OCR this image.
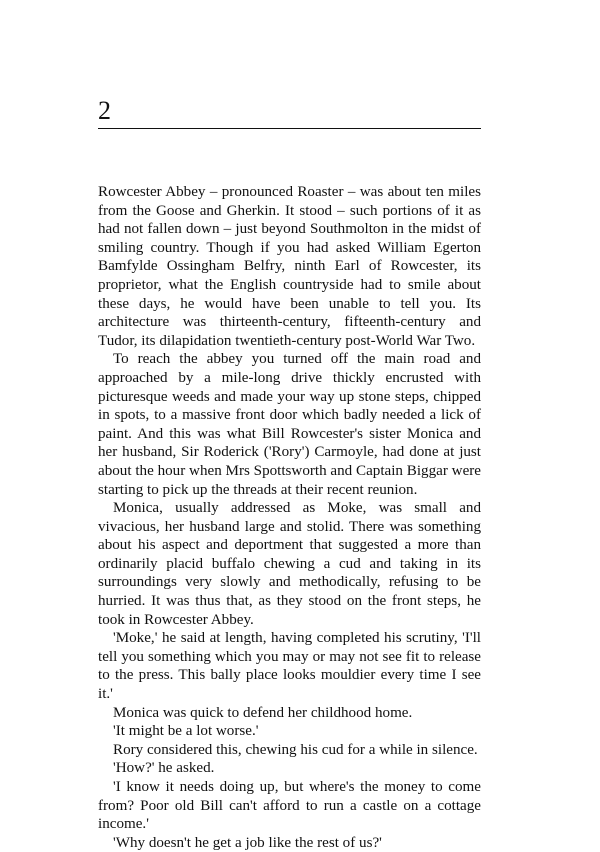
2

Rowcester Abbey – pronounced Roaster – was about ten miles from the Goose and Gherkin. It stood – such portions of it as had not fallen down – just beyond Southmolton in the midst of smiling country. Though if you had asked William Egerton Bamfylde Ossingham Belfry, ninth Earl of Rowcester, its proprietor, what the English countryside had to smile about these days, he would have been unable to tell you. Its architecture was thirteenth-century, fifteenth-century and Tudor, its dilapidation twentieth-century post-World War Two.

To reach the abbey you turned off the main road and approached by a mile-long drive thickly encrusted with picturesque weeds and made your way up stone steps, chipped in spots, to a massive front door which badly needed a lick of paint. And this was what Bill Rowcester's sister Monica and her husband, Sir Roderick ('Rory') Carmoyle, had done at just about the hour when Mrs Spottsworth and Captain Biggar were starting to pick up the threads at their recent reunion.

Monica, usually addressed as Moke, was small and vivacious, her husband large and stolid. There was something about his aspect and deportment that suggested a more than ordinarily placid buffalo chewing a cud and taking in its surroundings very slowly and methodically, refusing to be hurried. It was thus that, as they stood on the front steps, he took in Rowcester Abbey.

'Moke,' he said at length, having completed his scrutiny, 'I'll tell you something which you may or may not see fit to release to the press. This bally place looks mouldier every time I see it.'

Monica was quick to defend her childhood home.

'It might be a lot worse.'

Rory considered this, chewing his cud for a while in silence.

'How?' he asked.

'I know it needs doing up, but where's the money to come from? Poor old Bill can't afford to run a castle on a cottage income.'

'Why doesn't he get a job like the rest of us?'
